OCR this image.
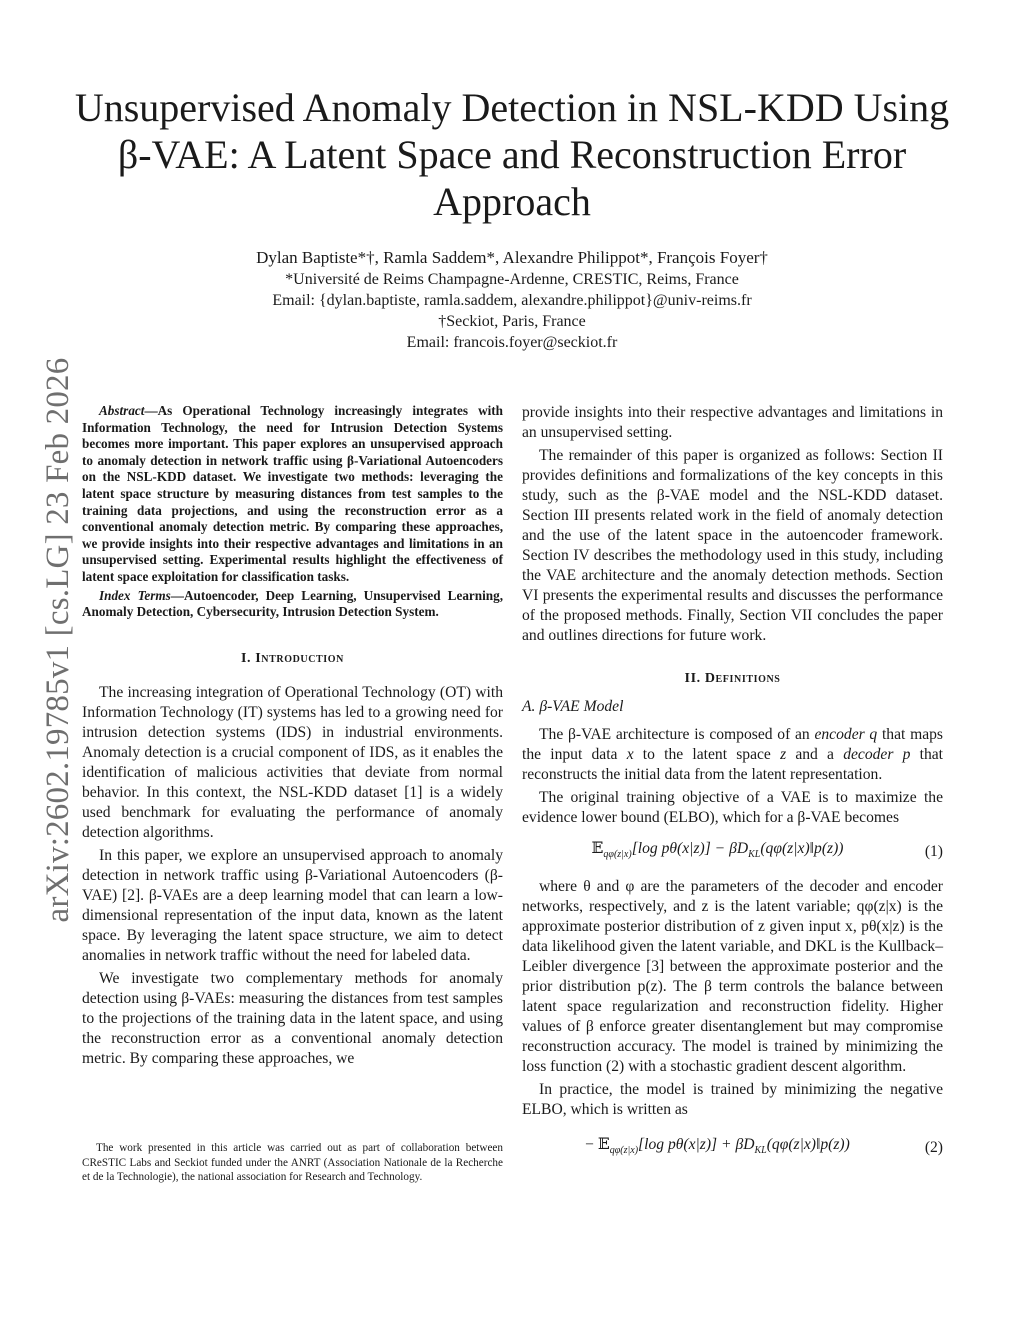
arXiv:2602.19785v1 [cs.LG] 23 Feb 2026
Unsupervised Anomaly Detection in NSL-KDD Using β-VAE: A Latent Space and Reconstruction Error Approach
Dylan Baptiste*†, Ramla Saddem*, Alexandre Philippot*, François Foyer†
*Université de Reims Champagne-Ardenne, CRESTIC, Reims, France
Email: {dylan.baptiste, ramla.saddem, alexandre.philippot}@univ-reims.fr
†Seckiot, Paris, France
Email: francois.foyer@seckiot.fr

Abstract—As Operational Technology increasingly integrates with Information Technology, the need for Intrusion Detection Systems becomes more important. This paper explores an unsupervised approach to anomaly detection in network traffic using β-Variational Autoencoders on the NSL-KDD dataset. We investigate two methods: leveraging the latent space structure by measuring distances from test samples to the training data projections, and using the reconstruction error as a conventional anomaly detection metric. By comparing these approaches, we provide insights into their respective advantages and limitations in an unsupervised setting. Experimental results highlight the effectiveness of latent space exploitation for classification tasks.

Index Terms—Autoencoder, Deep Learning, Unsupervised Learning, Anomaly Detection, Cybersecurity, Intrusion Detection System.

I. Introduction

The increasing integration of Operational Technology (OT) with Information Technology (IT) systems has led to a growing need for intrusion detection systems (IDS) in industrial environments. Anomaly detection is a crucial component of IDS, as it enables the identification of malicious activities that deviate from normal behavior. In this context, the NSL-KDD dataset [1] is a widely used benchmark for evaluating the performance of anomaly detection algorithms.

In this paper, we explore an unsupervised approach to anomaly detection in network traffic using β-Variational Autoencoders (β-VAE) [2]. β-VAEs are a deep learning model that can learn a low-dimensional representation of the input data, known as the latent space. By leveraging the latent space structure, we aim to detect anomalies in network traffic without the need for labeled data.

We investigate two complementary methods for anomaly detection using β-VAEs: measuring the distances from test samples to the projections of the training data in the latent space, and using the reconstruction error as a conventional anomaly detection metric. By comparing these approaches, we

The work presented in this article was carried out as part of collaboration between CReSTIC Labs and Seckiot funded under the ANRT (Association Nationale de la Recherche et de la Technologie), the national association for Research and Technology.

provide insights into their respective advantages and limitations in an unsupervised setting.

The remainder of this paper is organized as follows: Section II provides definitions and formalizations of the key concepts in this study, such as the β-VAE model and the NSL-KDD dataset. Section III presents related work in the field of anomaly detection and the use of the latent space in the autoencoder framework. Section IV describes the methodology used in this study, including the VAE architecture and the anomaly detection methods. Section VI presents the experimental results and discusses the performance of the proposed methods. Finally, Section VII concludes the paper and outlines directions for future work.

II. Definitions

A. β-VAE Model

The β-VAE architecture is composed of an encoder q that maps the input data x to the latent space z and a decoder p that reconstructs the initial data from the latent representation.

The original training objective of a VAE is to maximize the evidence lower bound (ELBO), which for a β-VAE becomes

𝔼$_{q\varphi(z|x)}$[log $p\theta(x|z)] - \beta D_{KL}(q\varphi(z|x)‖p(z))$	(1)

where θ and φ are the parameters of the decoder and encoder networks, respectively, and z is the latent variable; qφ(z|x) is the approximate posterior distribution of z given input x, pθ(x|z) is the data likelihood given the latent variable, and DKL is the Kullback–Leibler divergence [3] between the approximate posterior and the prior distribution p(z). The β term controls the balance between latent space regularization and reconstruction fidelity. Higher values of β enforce greater disentanglement but may compromise reconstruction accuracy. The model is trained by minimizing the loss function (2) with a stochastic gradient descent algorithm.

In practice, the model is trained by minimizing the negative ELBO, which is written as

− 𝔼$_{q\varphi(z|x)}$[log $p\theta(x|z)] + \beta D_{KL}(q\varphi(z|x)‖p(z))$	(2)
